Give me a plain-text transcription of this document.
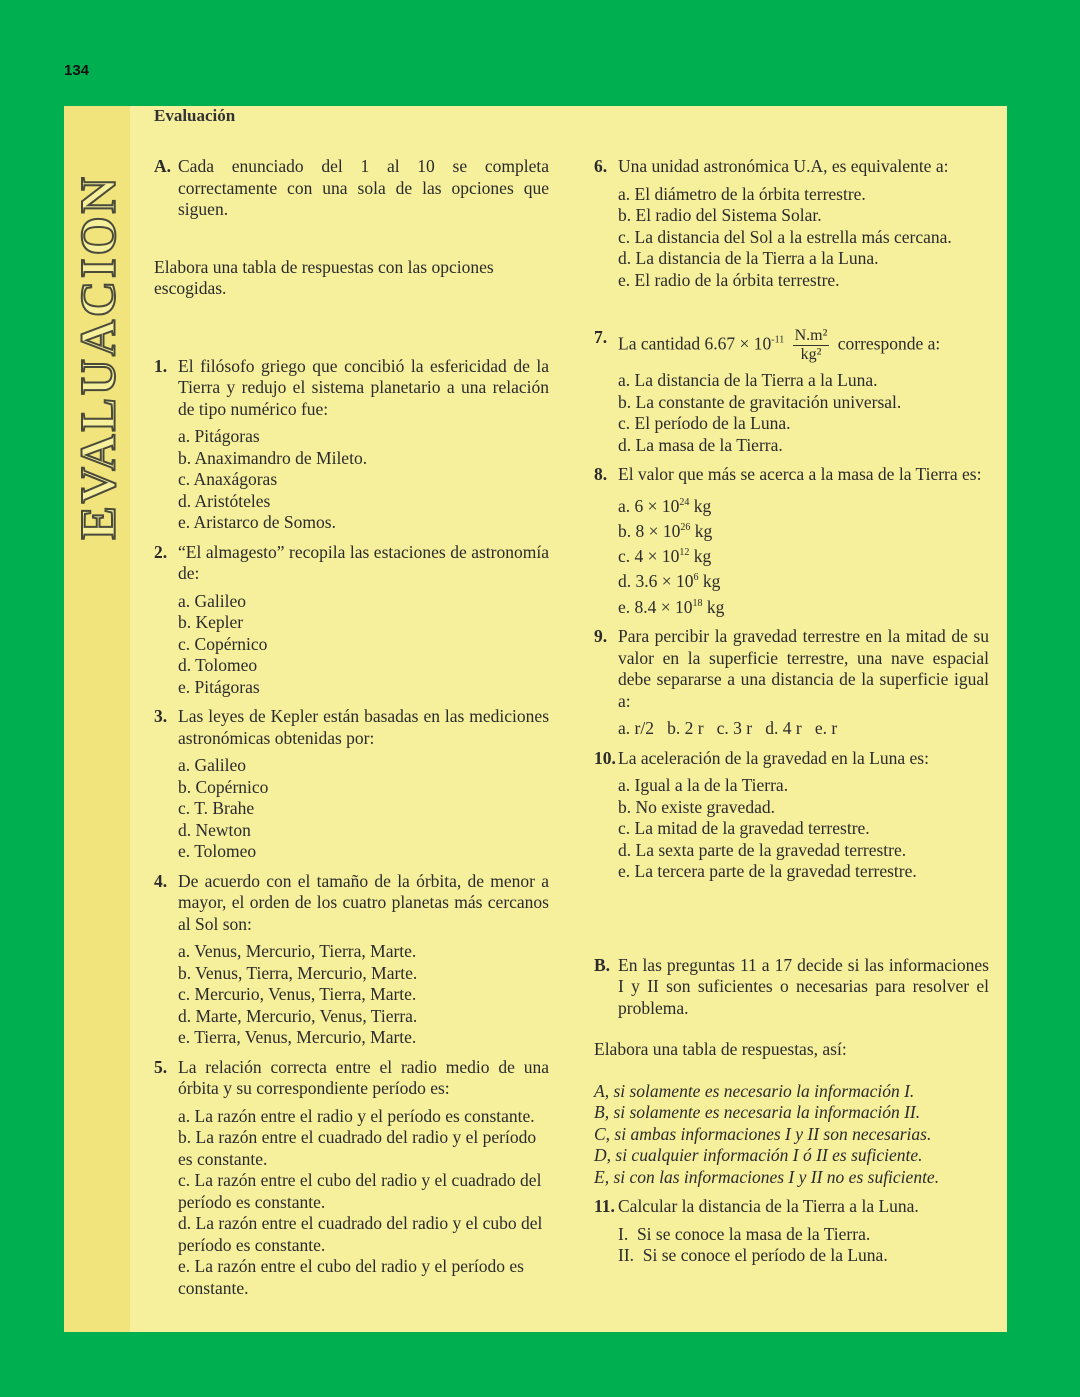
134
EVALUACION
Evaluación
A. Cada enunciado del 1 al 10 se completa correctamente con una sola de las opciones que siguen.

Elabora una tabla de respuestas con las opciones escogidas.

1. El filósofo griego que concibió la esfericidad de la Tierra y redujo el sistema planetario a una relación de tipo numérico fue:
a. Pitágoras
b. Anaximandro de Mileto.
c. Anaxágoras
d. Aristóteles
e. Aristarco de Somos.
2. “El almagesto” recopila las estaciones de astronomía de:
a. Galileo
b. Kepler
c. Copérnico
d. Tolomeo
e. Pitágoras
3. Las leyes de Kepler están basadas en las mediciones astronómicas obtenidas por:
a. Galileo
b. Copérnico
c. T. Brahe
d. Newton
e. Tolomeo
4. De acuerdo con el tamaño de la órbita, de menor a mayor, el orden de los cuatro planetas más cercanos al Sol son:
a. Venus, Mercurio, Tierra, Marte.
b. Venus, Tierra, Mercurio, Marte.
c. Mercurio, Venus, Tierra, Marte.
d. Marte, Mercurio, Venus, Tierra.
e. Tierra, Venus, Mercurio, Marte.
5. La relación correcta entre el radio medio de una órbita y su correspondiente período es:
a. La razón entre el radio y el período es constante.
b. La razón entre el cuadrado del radio y el período es constante.
c. La razón entre el cubo del radio y el cuadrado del período es constante.
d. La razón entre el cuadrado del radio y el cubo del período es constante.
e. La razón entre el cubo del radio y el período es constante.
6. Una unidad astronómica U.A, es equivalente a:
a. El diámetro de la órbita terrestre.
b. El radio del Sistema Solar.
c. La distancia del Sol a la estrella más cercana.
d. La distancia de la Tierra a la Luna.
e. El radio de la órbita terrestre.
7. La cantidad $6.67 \times 10^{-11} \frac{\text{N.m²}}{\text{kg²}}$ corresponde a:
a. La distancia de la Tierra a la Luna.
b. La constante de gravitación universal.
c. El período de la Luna.
d. La masa de la Tierra.
8. El valor que más se acerca a la masa de la Tierra es:
a. $6 \times 10^{24}$ kg
b. $8 \times 10^{26}$ kg
c. $4 \times 10^{12}$ kg
d. $3.6 \times 10^6$ kg
e. $8.4 \times 10^{18}$ kg
9. Para percibir la gravedad terrestre en la mitad de su valor en la superficie terrestre, una nave espacial debe separarse a una distancia de la superficie igual a:
a. r/2   b. 2 r   c. 3 r   d. 4 r   e. r
10. La aceleración de la gravedad en la Luna es:
a. Igual a la de la Tierra.
b. No existe gravedad.
c. La mitad de la gravedad terrestre.
d. La sexta parte de la gravedad terrestre.
e. La tercera parte de la gravedad terrestre.
B. En las preguntas 11 a 17 decide si las informaciones I y II son suficientes o necesarias para resolver el problema.

Elabora una tabla de respuestas, así:

A, si solamente es necesario la información I.
B, si solamente es necesaria la información II.
C, si ambas informaciones I y II son necesarias.
D, si cualquier información I ó II es suficiente.
E, si con las informaciones I y II no es suficiente.
11. Calcular la distancia de la Tierra a la Luna.
I.  Si se conoce la masa de la Tierra.
II.  Si se conoce el período de la Luna.
